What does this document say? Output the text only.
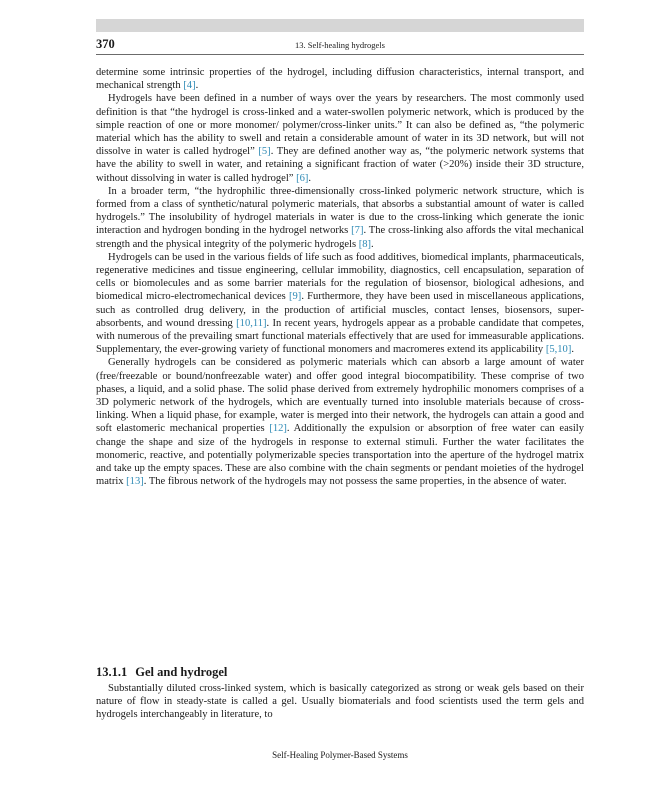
370	13. Self-healing hydrogels

determine some intrinsic properties of the hydrogel, including diffusion characteristics, internal transport, and mechanical strength [4].

Hydrogels have been defined in a number of ways over the years by researchers. The most commonly used definition is that “the hydrogel is cross-linked and a water-swollen polymeric network, which is produced by the simple reaction of one or more monomer/ polymer/cross-linker units.” It can also be defined as, “the polymeric material which has the ability to swell and retain a considerable amount of water in its 3D network, but will not dissolve in water is called hydrogel” [5]. They are defined another way as, “the polymeric network systems that have the ability to swell in water, and retaining a significant fraction of water (>20%) inside their 3D structure, without dissolving in water is called hydrogel” [6].

In a broader term, “the hydrophilic three-dimensionally cross-linked polymeric network structure, which is formed from a class of synthetic/natural polymeric materials, that absorbs a substantial amount of water is called hydrogels.” The insolubility of hydrogel materials in water is due to the cross-linking which generate the ionic interaction and hydrogen bonding in the hydrogel networks [7]. The cross-linking also affords the vital mechanical strength and the physical integrity of the polymeric hydrogels [8].

Hydrogels can be used in the various fields of life such as food additives, biomedical implants, pharmaceuticals, regenerative medicines and tissue engineering, cellular immobility, diagnostics, cell encapsulation, separation of cells or biomolecules and as some barrier materials for the regulation of biosensor, biological adhesions, and biomedical micro-electromechanical devices [9]. Furthermore, they have been used in miscellaneous applications, such as controlled drug delivery, in the production of artificial muscles, contact lenses, biosensors, super-absorbents, and wound dressing [10,11]. In recent years, hydrogels appear as a probable candidate that competes, with numerous of the prevailing smart functional materials effectively that are used for immeasurable applications. Supplementary, the ever-growing variety of functional monomers and macromeres extend its applicability [5,10].

Generally hydrogels can be considered as polymeric materials which can absorb a large amount of water (free/freezable or bound/nonfreezable water) and offer good integral biocompatibility. These comprise of two phases, a liquid, and a solid phase. The solid phase derived from extremely hydrophilic monomers comprises of a 3D polymeric network of the hydrogels, which are eventually turned into insoluble materials because of cross-linking. When a liquid phase, for example, water is merged into their network, the hydrogels can attain a good and soft elastomeric mechanical properties [12]. Additionally the expulsion or absorption of free water can easily change the shape and size of the hydrogels in response to external stimuli. Further the water facilitates the monomeric, reactive, and potentially polymerizable species transportation into the aperture of the hydrogel matrix and take up the empty spaces. These are also combine with the chain segments or pendant moieties of the hydrogel matrix [13]. The fibrous network of the hydrogels may not possess the same properties, in the absence of water.

13.1.1 Gel and hydrogel

Substantially diluted cross-linked system, which is basically categorized as strong or weak gels based on their nature of flow in steady-state is called a gel. Usually biomaterials and food scientists used the term gels and hydrogels interchangeably in literature, to

Self-Healing Polymer-Based Systems
